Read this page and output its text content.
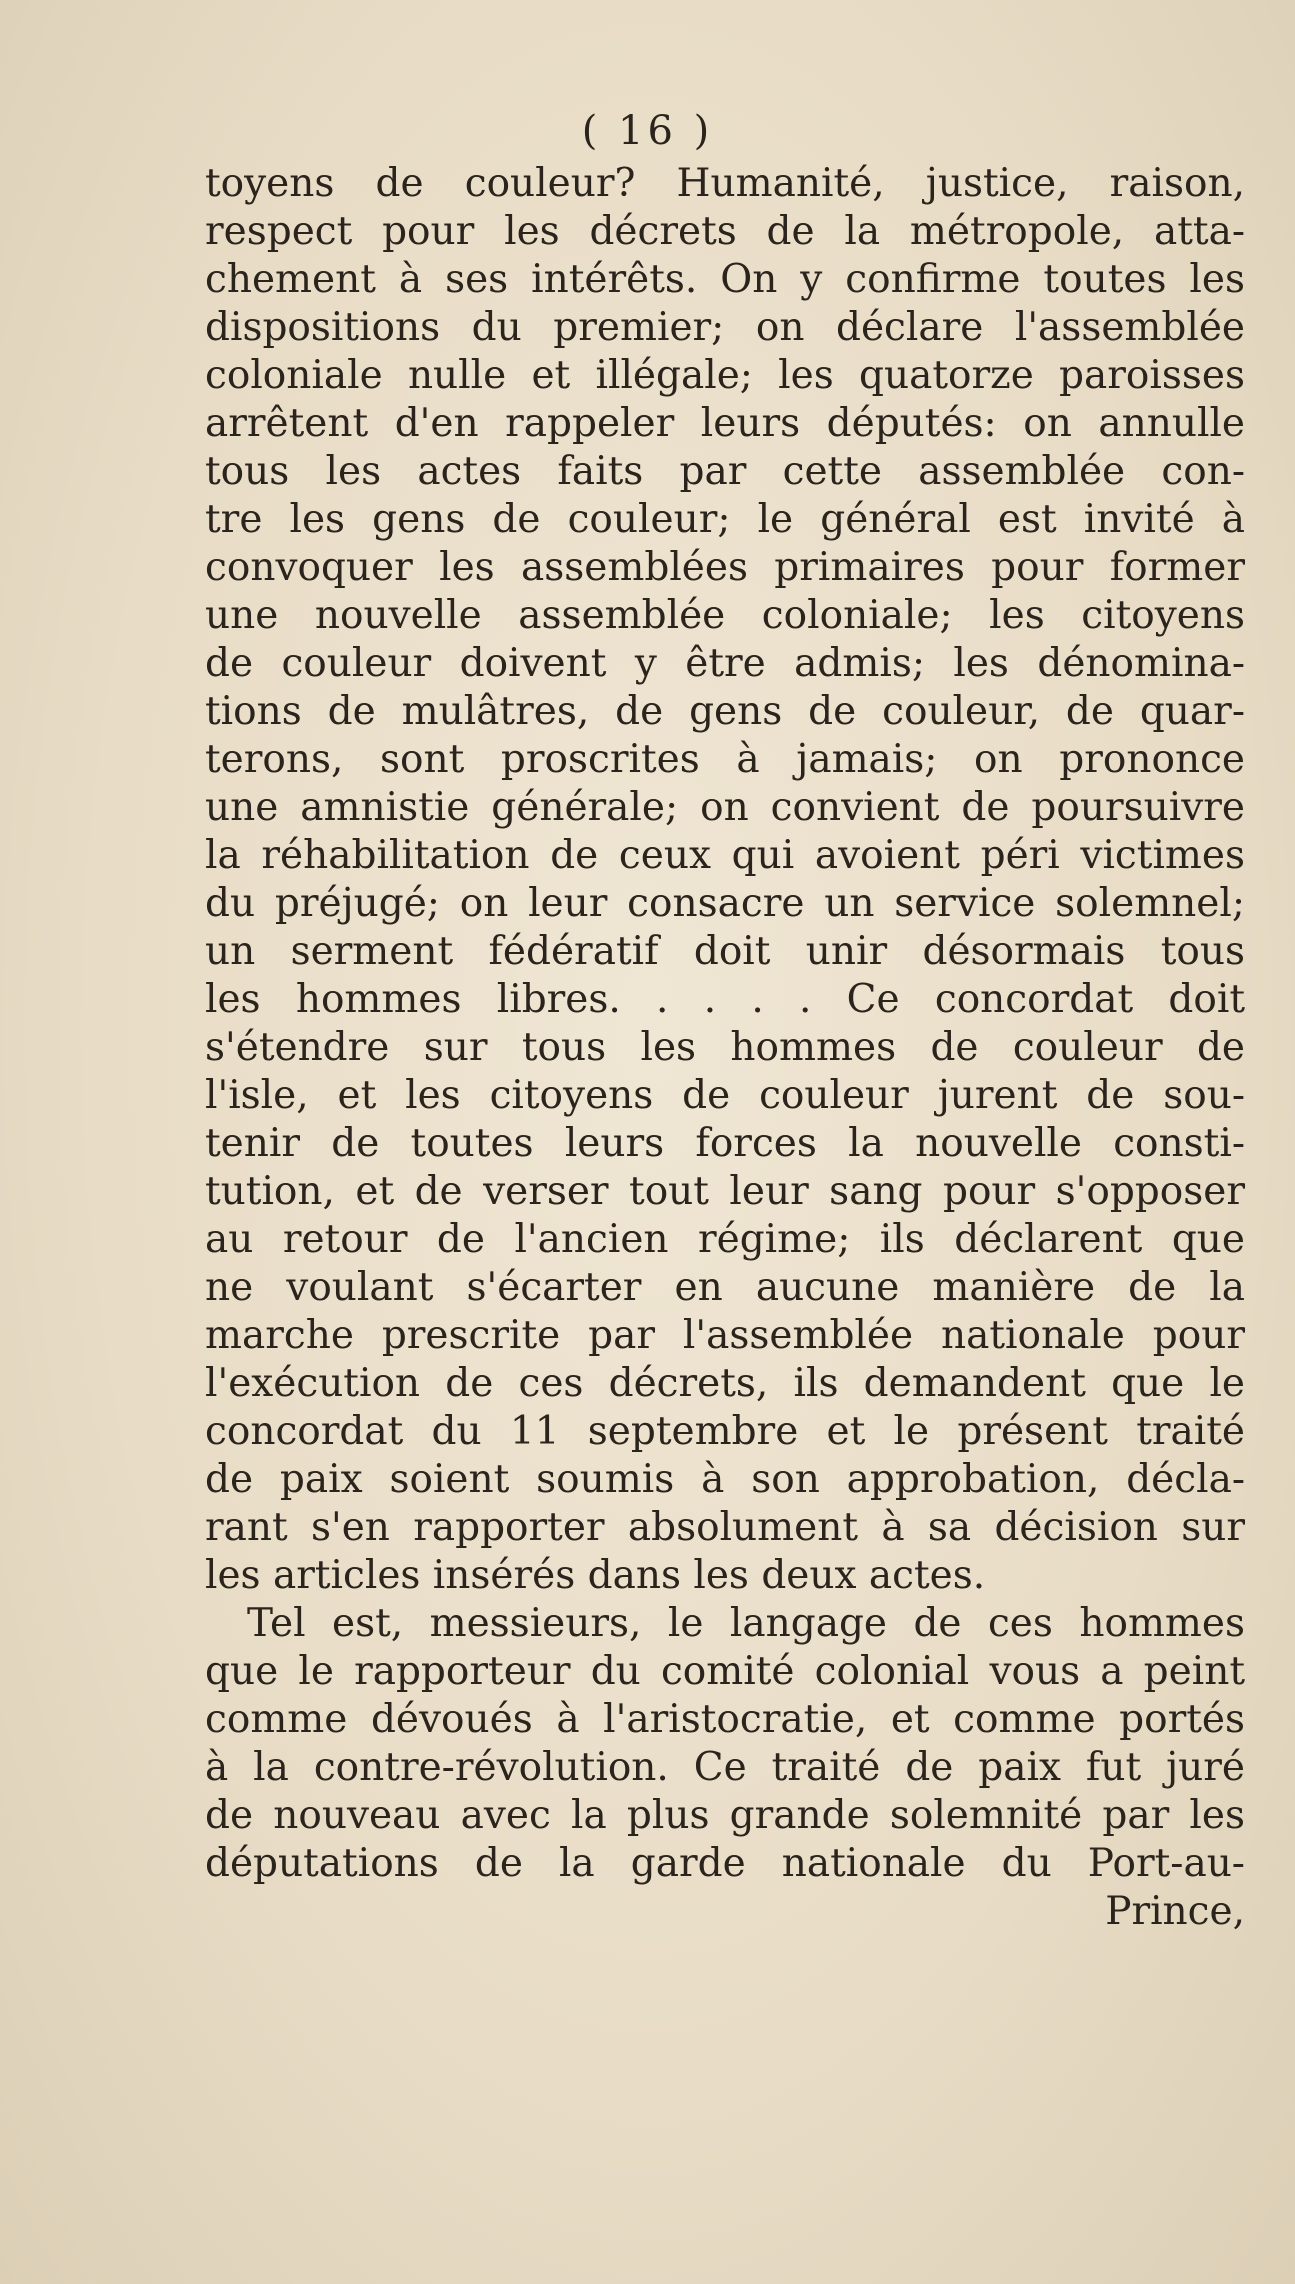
( 16 )
toyens de couleur? Humanité, justice, raison,
respect pour les décrets de la métropole, atta-
chement à ses intérêts. On y confirme toutes les
dispositions du premier; on déclare l'assemblée
coloniale nulle et illégale; les quatorze paroisses
arrêtent d'en rappeler leurs députés: on annulle
tous les actes faits par cette assemblée con-
tre les gens de couleur; le général est invité à
convoquer les assemblées primaires pour former
une nouvelle assemblée coloniale; les citoyens
de couleur doivent y être admis; les dénomina-
tions de mulâtres, de gens de couleur, de quar-
terons, sont proscrites à jamais; on prononce
une amnistie générale; on convient de poursuivre
la réhabilitation de ceux qui avoient péri victimes
du préjugé; on leur consacre un service solemnel;
un serment fédératif doit unir désormais tous
les hommes libres. . . . . Ce concordat doit
s'étendre sur tous les hommes de couleur de
l'isle, et les citoyens de couleur jurent de sou-
tenir de toutes leurs forces la nouvelle consti-
tution, et de verser tout leur sang pour s'opposer
au retour de l'ancien régime; ils déclarent que
ne voulant s'écarter en aucune manière de la
marche prescrite par l'assemblée nationale pour
l'exécution de ces décrets, ils demandent que le
concordat du 11 septembre et le présent traité
de paix soient soumis à son approbation, décla-
rant s'en rapporter absolument à sa décision sur
les articles insérés dans les deux actes.
Tel est, messieurs, le langage de ces hommes
que le rapporteur du comité colonial vous a peint
comme dévoués à l'aristocratie, et comme portés
à la contre-révolution. Ce traité de paix fut juré
de nouveau avec la plus grande solemnité par les
députations de la garde nationale du Port-au-
Prince,
